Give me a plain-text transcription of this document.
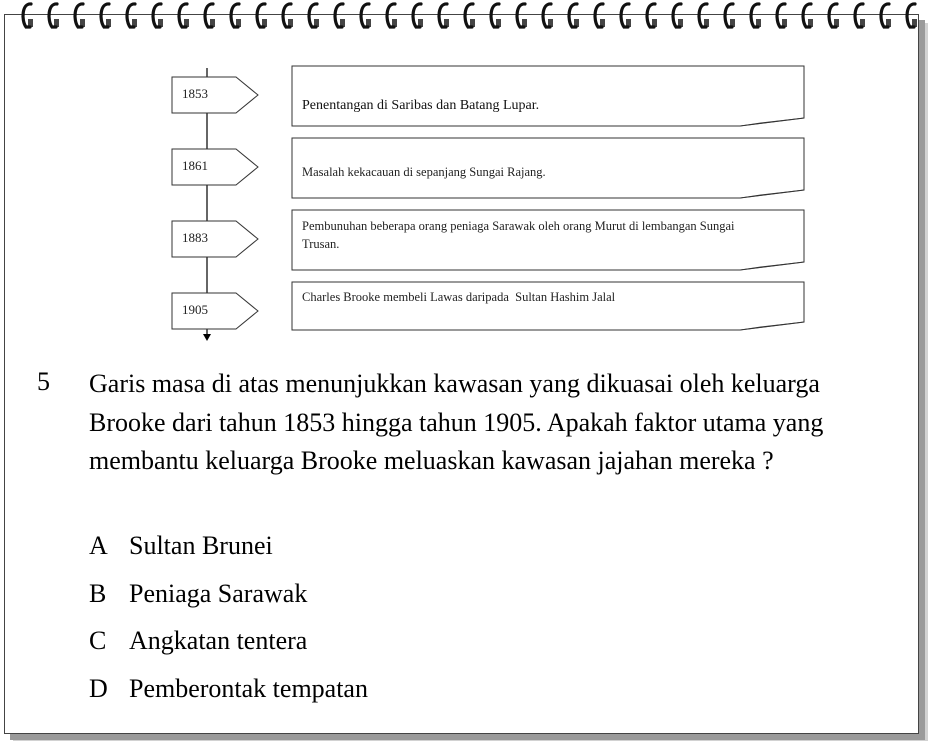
1853
1861
1883
1905
Penentangan di Saribas dan Batang Lupar.
Masalah kekacauan di sepanjang Sungai Rajang.
Pembunuhan beberapa orang peniaga Sarawak oleh orang Murut di lembangan Sungai Trusan.
Charles Brooke membeli Lawas daripada  Sultan Hashim Jalal
5 Garis masa di atas menunjukkan kawasan yang dikuasai oleh keluarga Brooke dari tahun 1853 hingga tahun 1905. Apakah faktor utama yang membantu keluarga Brooke meluaskan kawasan jajahan mereka ?
A Sultan Brunei
B Peniaga Sarawak
C Angkatan tentera
D Pemberontak tempatan
